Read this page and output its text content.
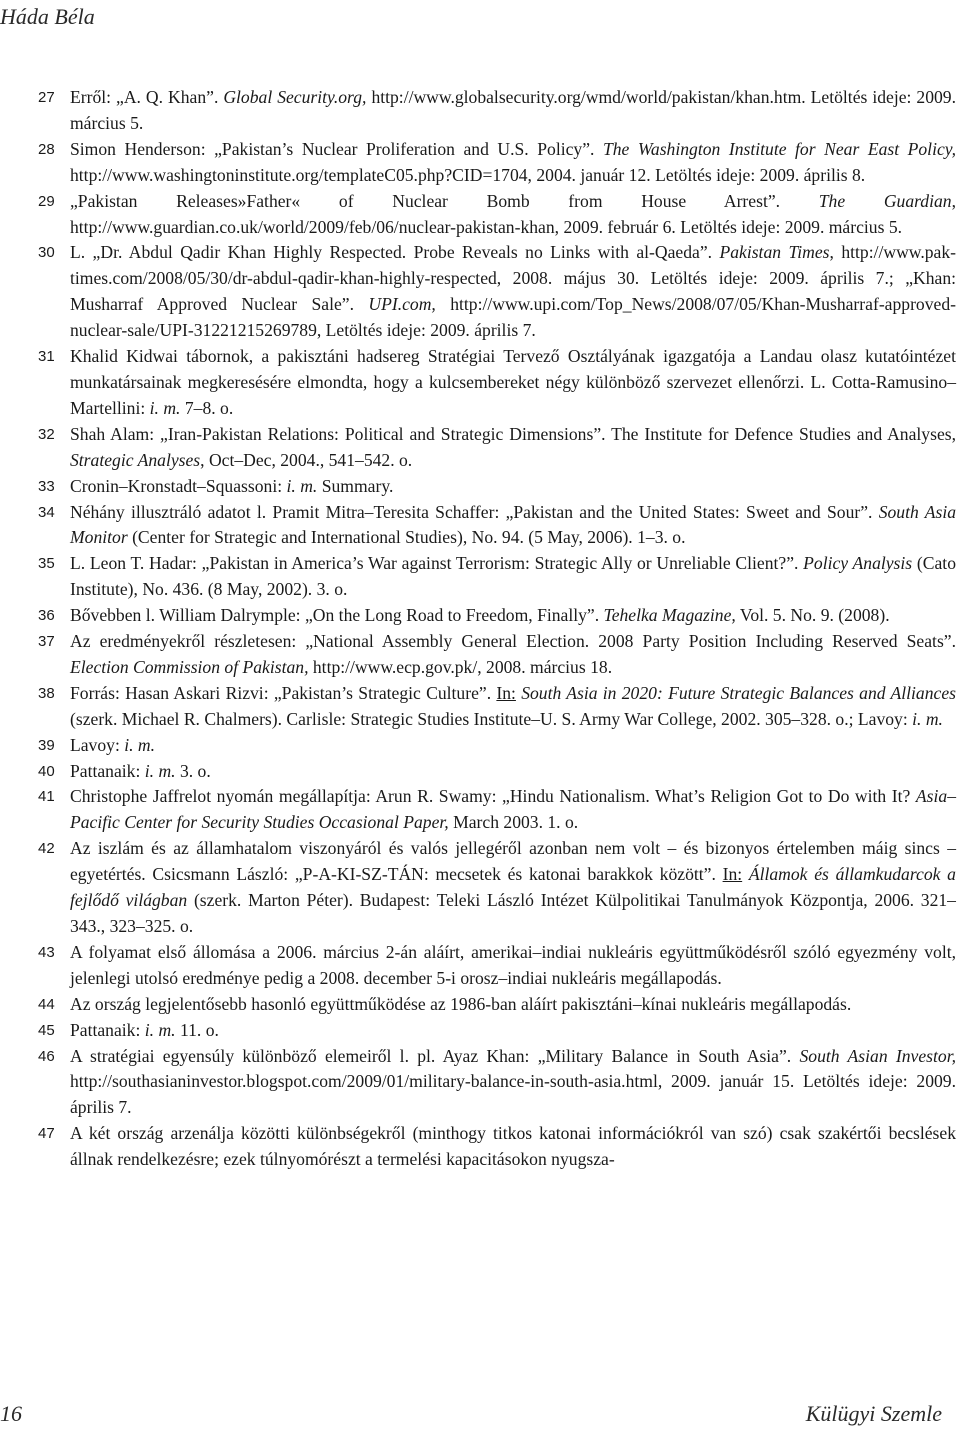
Háda Béla

27 Erről: „A. Q. Khan”. Global Security.org, http://www.globalsecurity.org/wmd/world/pakistan/khan.htm. Letöltés ideje: 2009. március 5.

28 Simon Henderson: „Pakistan’s Nuclear Proliferation and U.S. Policy”. The Washington Institute for Near East Policy, http://www.washingtoninstitute.org/templateC05.php?CID=1704, 2004. január 12. Letöltés ideje: 2009. április 8.

29 „Pakistan Releases»Father« of Nuclear Bomb from House Arrest”. The Guardian, http://www.guardian.co.uk/world/2009/feb/06/nuclear-pakistan-khan, 2009. február 6. Letöltés ideje: 2009. március 5.

30 L. „Dr. Abdul Qadir Khan Highly Respected. Probe Reveals no Links with al-Qaeda”. Pakistan Times, http://www.pak-times.com/2008/05/30/dr-abdul-qadir-khan-highly-respected, 2008. május 30. Letöltés ideje: 2009. április 7.; „Khan: Musharraf Approved Nuclear Sale”. UPI.com, http://www.upi.com/Top_News/2008/07/05/Khan-Musharraf-approved-nuclear-sale/UPI-31221215269789, Letöltés ideje: 2009. április 7.

31 Khalid Kidwai tábornok, a pakisztáni hadsereg Stratégiai Tervező Osztályának igazgatója a Landau olasz kutatóintézet munkatársainak megkeresésére elmondta, hogy a kulcsembereket négy különböző szervezet ellenőrzi. L. Cotta-Ramusino–Martellini: i. m. 7–8. o.

32 Shah Alam: „Iran-Pakistan Relations: Political and Strategic Dimensions”. The Institute for Defence Studies and Analyses, Strategic Analyses, Oct–Dec, 2004., 541–542. o.

33 Cronin–Kronstadt–Squassoni: i. m. Summary.

34 Néhány illusztráló adatot l. Pramit Mitra–Teresita Schaffer: „Pakistan and the United States: Sweet and Sour”. South Asia Monitor (Center for Strategic and International Studies), No. 94. (5 May, 2006). 1–3. o.

35 L. Leon T. Hadar: „Pakistan in America’s War against Terrorism: Strategic Ally or Unreliable Client?”. Policy Analysis (Cato Institute), No. 436. (8 May, 2002). 3. o.

36 Bővebben l. William Dalrymple: „On the Long Road to Freedom, Finally”. Tehelka Magazine, Vol. 5. No. 9. (2008).

37 Az eredményekről részletesen: „National Assembly General Election. 2008 Party Position Including Reserved Seats”. Election Commission of Pakistan, http://www.ecp.gov.pk/, 2008. március 18.

38 Forrás: Hasan Askari Rizvi: „Pakistan’s Strategic Culture”. In: South Asia in 2020: Future Strategic Balances and Alliances (szerk. Michael R. Chalmers). Carlisle: Strategic Studies Institute–U. S. Army War College, 2002. 305–328. o.; Lavoy: i. m.

39 Lavoy: i. m.

40 Pattanaik: i. m. 3. o.

41 Christophe Jaffrelot nyomán megállapítja: Arun R. Swamy: „Hindu Nationalism. What’s Religion Got to Do with It? Asia–Pacific Center for Security Studies Occasional Paper, March 2003. 1. o.

42 Az iszlám és az államhatalom viszonyáról és valós jellegéről azonban nem volt – és bizonyos értelemben máig sincs – egyetértés. Csicsmann László: „P-A-KI-SZ-TÁN: mecsetek és katonai barakkok között”. In: Államok és államkudarcok a fejlődő világban (szerk. Marton Péter). Budapest: Teleki László Intézet Külpolitikai Tanulmányok Központja, 2006. 321–343., 323–325. o.

43 A folyamat első állomása a 2006. március 2-án aláírt, amerikai–indiai nukleáris együttműködésről szóló egyezmény volt, jelenlegi utolsó eredménye pedig a 2008. december 5-i orosz–indiai nukleáris megállapodás.

44 Az ország legjelentősebb hasonló együttműködése az 1986-ban aláírt pakisztáni–kínai nukleáris megállapodás.

45 Pattanaik: i. m. 11. o.

46 A stratégiai egyensúly különböző elemeiről l. pl. Ayaz Khan: „Military Balance in South Asia”. South Asian Investor, http://southasianinvestor.blogspot.com/2009/01/military-balance-in-south-asia.html, 2009. január 15. Letöltés ideje: 2009. április 7.

47 A két ország arzenálja közötti különbségekről (minthogy titkos katonai információkról van szó) csak szakértői becslések állnak rendelkezésre; ezek túlnyomórészt a termelési kapacitásokon nyugsza-

16	Külügyi Szemle
